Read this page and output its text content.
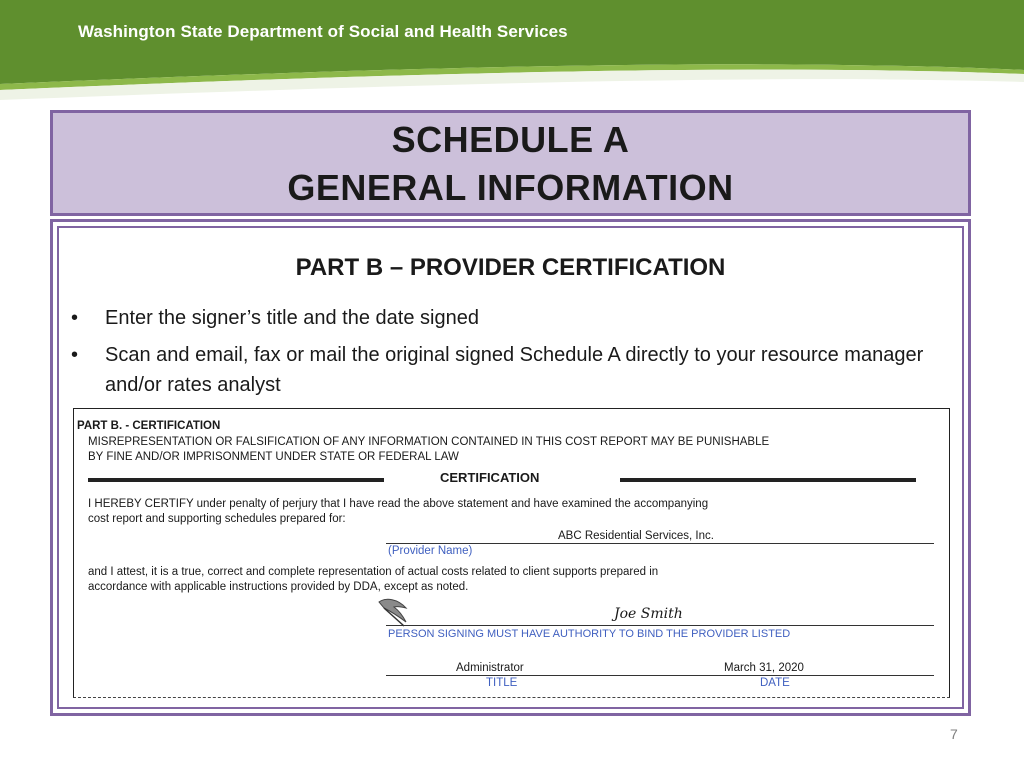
Washington State Department of Social and Health Services
SCHEDULE A
GENERAL INFORMATION
PART B – PROVIDER CERTIFICATION
• Enter the signer’s title and the date signed
• Scan and email, fax or mail the original signed Schedule A directly to your resource manager and/or rates analyst
PART B. - CERTIFICATION
MISREPRESENTATION OR FALSIFICATION OF ANY INFORMATION CONTAINED IN THIS COST REPORT MAY BE PUNISHABLE
BY FINE AND/OR IMPRISONMENT UNDER STATE OR FEDERAL LAW
CERTIFICATION
I HEREBY CERTIFY under penalty of perjury that I have read the above statement and have examined the accompanying
cost report and supporting schedules prepared for:
ABC Residential Services, Inc.
(Provider Name)
and I attest, it is a true, correct and complete representation of actual costs related to client supports prepared in
accordance with applicable instructions provided by DDA, except as noted.
Joe Smith
PERSON SIGNING MUST HAVE AUTHORITY TO BIND THE PROVIDER LISTED
Administrator	March 31, 2020
TITLE	DATE
7
